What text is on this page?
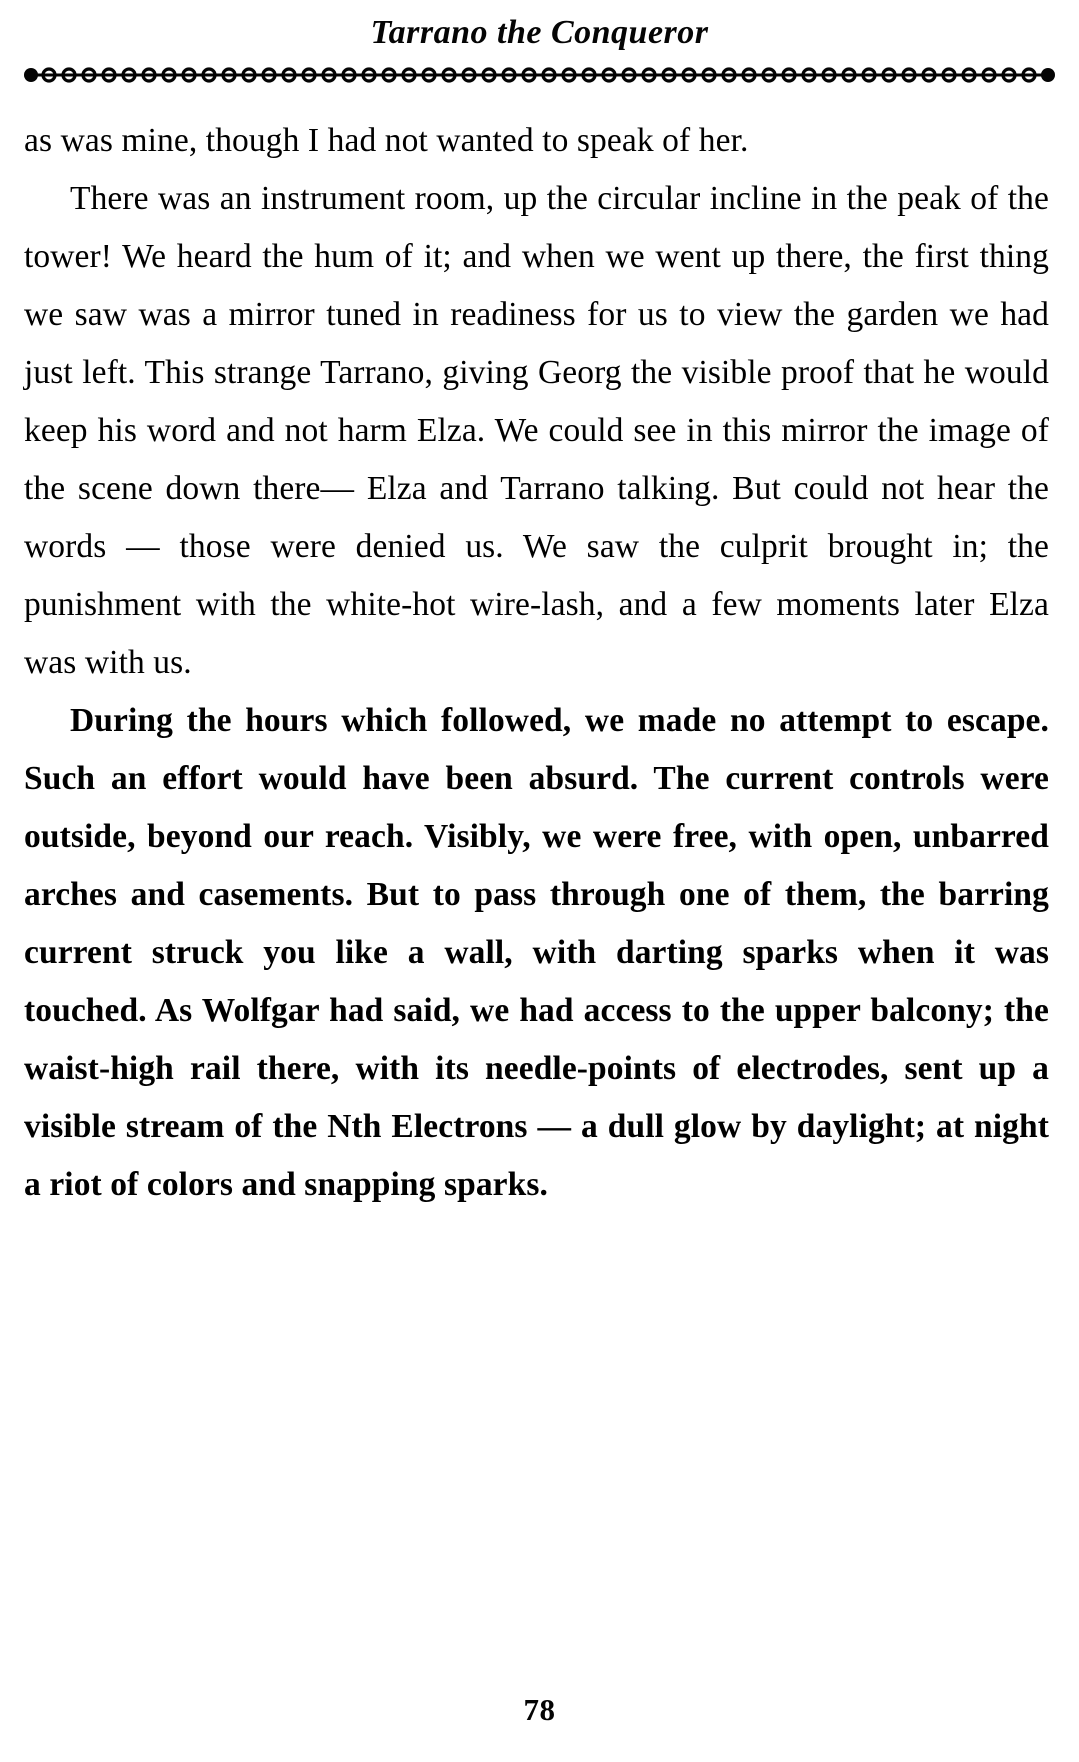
Tarrano the Conqueror

as was mine, though I had not wanted to speak of her.

There was an instrument room, up the circular incline in the peak of the tower! We heard the hum of it; and when we went up there, the first thing we saw was a mirror tuned in readiness for us to view the garden we had just left. This strange Tarrano, giving Georg the visible proof that he would keep his word and not harm Elza. We could see in this mirror the image of the scene down there— Elza and Tarrano talking. But could not hear the words — those were denied us. We saw the culprit brought in; the punishment with the white-hot wire-lash, and a few moments later Elza was with us.

During the hours which followed, we made no attempt to escape. Such an effort would have been absurd. The current controls were outside, beyond our reach. Visibly, we were free, with open, unbarred arches and casements. But to pass through one of them, the barring current struck you like a wall, with darting sparks when it was touched. As Wolfgar had said, we had access to the upper balcony; the waist-high rail there, with its needle-points of electrodes, sent up a visible stream of the Nth Electrons — a dull glow by daylight; at night a riot of colors and snapping sparks.

78
